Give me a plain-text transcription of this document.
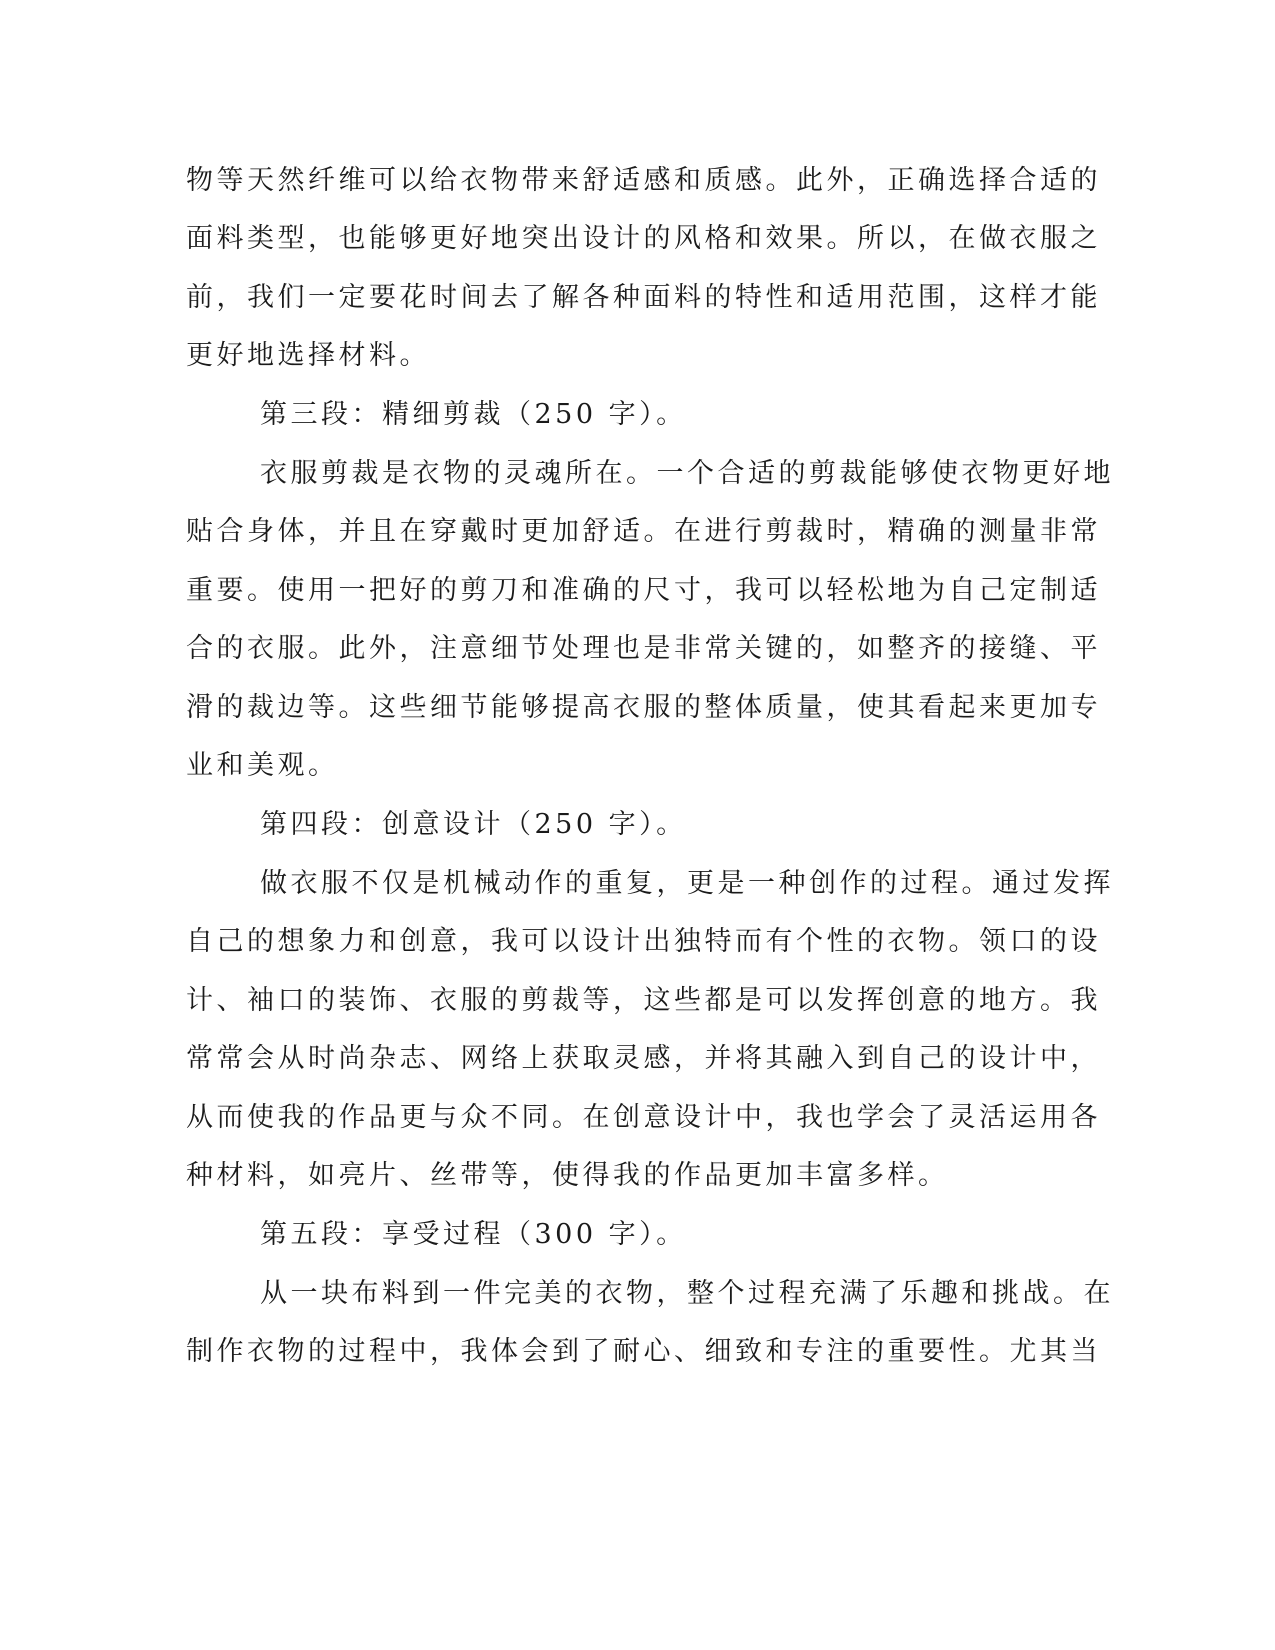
物等天然纤维可以给衣物带来舒适感和质感。此外，正确选择合适的
面料类型，也能够更好地突出设计的风格和效果。所以，在做衣服之
前，我们一定要花时间去了解各种面料的特性和适用范围，这样才能
更好地选择材料。
第三段：精细剪裁（250 字）。
衣服剪裁是衣物的灵魂所在。一个合适的剪裁能够使衣物更好地
贴合身体，并且在穿戴时更加舒适。在进行剪裁时，精确的测量非常
重要。使用一把好的剪刀和准确的尺寸，我可以轻松地为自己定制适
合的衣服。此外，注意细节处理也是非常关键的，如整齐的接缝、平
滑的裁边等。这些细节能够提高衣服的整体质量，使其看起来更加专
业和美观。
第四段：创意设计（250 字）。
做衣服不仅是机械动作的重复，更是一种创作的过程。通过发挥
自己的想象力和创意，我可以设计出独特而有个性的衣物。领口的设
计、袖口的装饰、衣服的剪裁等，这些都是可以发挥创意的地方。我
常常会从时尚杂志、网络上获取灵感，并将其融入到自己的设计中，
从而使我的作品更与众不同。在创意设计中，我也学会了灵活运用各
种材料，如亮片、丝带等，使得我的作品更加丰富多样。
第五段：享受过程（300 字）。
从一块布料到一件完美的衣物，整个过程充满了乐趣和挑战。在
制作衣物的过程中，我体会到了耐心、细致和专注的重要性。尤其当
